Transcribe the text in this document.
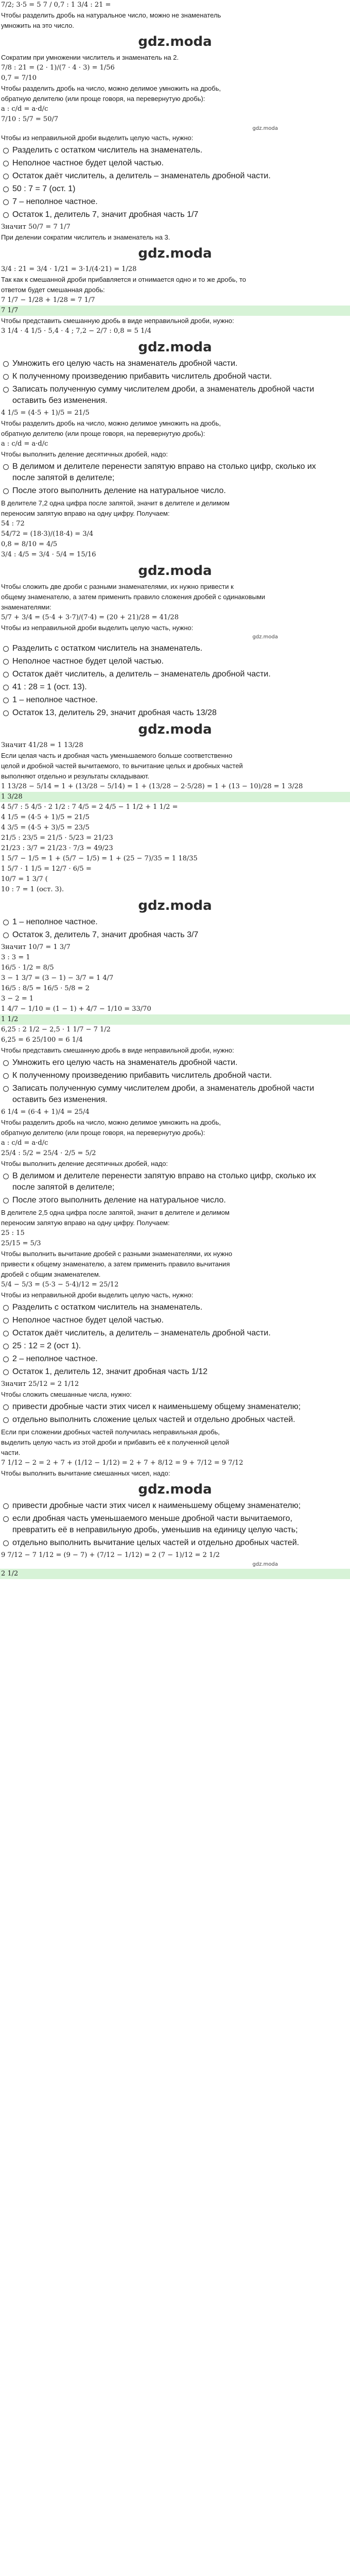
7/2; 3·5 = 5 7 / 0,7 : 1 3/4 : 21 =
Чтобы разделить дробь на натуральное число, можно не знаменатель
умножить на это число.
gdz.moda
Сократим при умножении числитель и знаменатель на 2.
7/8 : 21 = (2 · 1)/(7 · 4 · 3) = 1/56
0,7 = 7/10
Чтобы разделить дробь на число, можно делимое умножить на дробь,
обратную делителю (или проще говоря, на перевернутую дробь):
a : c/d = a·d/c
7/10 : 5/7 = 50/7
gdz.moda
Чтобы из неправильной дроби выделить целую часть, нужно:
Разделить с остатком числитель на знаменатель.
Неполное частное будет целой частью.
Остаток даёт числитель, а делитель – знаменатель дробной части.
50 : 7 = 7 (ост. 1)
7 – неполное частное.
Остаток 1, делитель 7, значит дробная часть 1/7
Значит 50/7 = 7 1/7
При делении сократим числитель и знаменатель на 3.
gdz.moda
3/4 : 21 = 3/4 · 1/21 = 3·1/(4·21) = 1/28
Так как к смешанной дроби прибавляется и отнимается одно и то же дробь, то
ответом будет смешанная дробь:
7 1/7 − 1/28 + 1/28 = 7 1/7
7 1/7
Чтобы представить смешанную дробь в виде неправильной дроби, нужно:
3 1/4 · 4 1/5 · 5,4 · 4 ; 7,2 − 2/7 : 0,8 = 5 1/4
gdz.moda
Умножить его целую часть на знаменатель дробной части.
К полученному произведению прибавить числитель дробной части.
Записать полученную сумму числителем дроби, а знаменатель дробной части оставить без изменения.
4 1/5 = (4·5 + 1)/5 = 21/5
Чтобы разделить дробь на число, можно делимое умножить на дробь,
обратную делителю (или проще говоря, на перевернутую дробь):
a : c/d = a·d/c
Чтобы выполнить деление десятичных дробей, надо:
В делимом и делителе перенести запятую вправо на столько цифр, сколько их после запятой в делителе;
После этого выполнить деление на натуральное число.
В делителе 7,2 одна цифра после запятой, значит в делителе и делимом
переносим запятую вправо на одну цифру. Получаем:
54 : 72
54/72 = (18·3)/(18·4) = 3/4
0,8 = 8/10 = 4/5
3/4 : 4/5 = 3/4 · 5/4 = 15/16
gdz.moda
Чтобы сложить две дроби с разными знаменателями, их нужно привести к
общему знаменателю, а затем применить правило сложения дробей с одинаковыми
знаменателями:
5/7 + 3/4 = (5·4 + 3·7)/(7·4) = (20 + 21)/28 = 41/28
Чтобы из неправильной дроби выделить целую часть, нужно:
gdz.moda
Разделить с остатком числитель на знаменатель.
Неполное частное будет целой частью.
Остаток даёт числитель, а делитель – знаменатель дробной части.
41 : 28 = 1 (ост. 13).
1 – неполное частное.
Остаток 13, делитель 29, значит дробная часть 13/28
gdz.moda
Значит 41/28 = 1 13/28
Если целая часть и дробная часть уменьшаемого больше соответственно
целой и дробной частей вычитаемого, то вычитание целых и дробных частей
выполняют отдельно и результаты складывают.
1 13/28 − 5/14 = 1 + (13/28 − 5/14) = 1 + (13/28 − 2·5/28) = 1 + (13 − 10)/28 = 1 3/28
1 3/28
4 5/7 : 5 4/5 · 2 1/2 : 7 4/5 = 2 4/5 − 1 1/2 + 1 1/2 =
4 1/5 = (4·5 + 1)/5 = 21/5
4 3/5 = (4·5 + 3)/5 = 23/5
21/5 : 23/5 = 21/5 · 5/23 = 21/23
21/23 : 3/7 = 21/23 · 7/3 = 49/23
1 5/7 − 1/5 = 1 + (5/7 − 1/5) = 1 + (25 − 7)/35 = 1 18/35
1 5/7 · 1 1/5 = 12/7 · 6/5 =
10/7 = 1 3/7 (
10 : 7 = 1 (ост. 3).
gdz.moda
1 – неполное частное.
Остаток 3, делитель 7, значит дробная часть 3/7
Значит 10/7 = 1 3/7
3 : 3 = 1
16/5 · 1/2 = 8/5
3 − 1 3/7 = (3 − 1) − 3/7 = 1 4/7
16/5 : 8/5 = 16/5 · 5/8 = 2
3 − 2 = 1
1 4/7 − 1/10 = (1 − 1) + 4/7 − 1/10 = 33/70
1 1/2
6,25 : 2 1/2 − 2,5 · 1 1/7 − 7 1/2
6,25 = 6 25/100 = 6 1/4
Чтобы представить смешанную дробь в виде неправильной дроби, нужно:
Умножить его целую часть на знаменатель дробной части.
К полученному произведению прибавить числитель дробной части.
Записать полученную сумму числителем дроби, а знаменатель дробной части оставить без изменения.
6 1/4 = (6·4 + 1)/4 = 25/4
Чтобы разделить дробь на число, можно делимое умножить на дробь,
обратную делителю (или проще говоря, на перевернутую дробь):
a : c/d = a·d/c
25/4 : 5/2 = 25/4 · 2/5 = 5/2
Чтобы выполнить деление десятичных дробей, надо:
В делимом и делителе перенести запятую вправо на столько цифр, сколько их после запятой в делителе;
После этого выполнить деление на натуральное число.
В делителе 2,5 одна цифра после запятой, значит в делителе и делимом
переносим запятую вправо на одну цифру. Получаем:
25 : 15
25/15 = 5/3
Чтобы выполнить вычитание дробей с разными знаменателями, их нужно
привести к общему знаменателю, а затем применить правило вычитания
дробей с общим знаменателем.
5/4 − 5/3 = (5·3 − 5·4)/12 = 25/12
Чтобы из неправильной дроби выделить целую часть, нужно:
Разделить с остатком числитель на знаменатель.
Неполное частное будет целой частью.
Остаток даёт числитель, а делитель – знаменатель дробной части.
25 : 12 = 2 (ост 1).
2 – неполное частное.
Остаток 1, делитель 12, значит дробная часть 1/12
Значит 25/12 = 2 1/12
Чтобы сложить смешанные числа, нужно:
привести дробные части этих чисел к наименьшему общему знаменателю;
отдельно выполнить сложение целых частей и отдельно дробных частей.
Если при сложении дробных частей получилась неправильная дробь,
выделить целую часть из этой дроби и прибавить её к полученной целой
части.
7 1/12 − 2 = 2 + 7 + (1/12 − 1/12) = 2 + 7 + 8/12 = 9 + 7/12 = 9 7/12
Чтобы выполнить вычитание смешанных чисел, надо:
gdz.moda
привести дробные части этих чисел к наименьшему общему знаменателю;
если дробная часть уменьшаемого меньше дробной части вычитаемого, превратить её в неправильную дробь, уменьшив на единицу целую часть;
отдельно выполнить вычитание целых частей и отдельно дробных частей.
9 7/12 − 7 1/12 = (9 − 7) + (7/12 − 1/12) = 2 (7 − 1)/12 = 2 1/2
gdz.moda
2 1/2
